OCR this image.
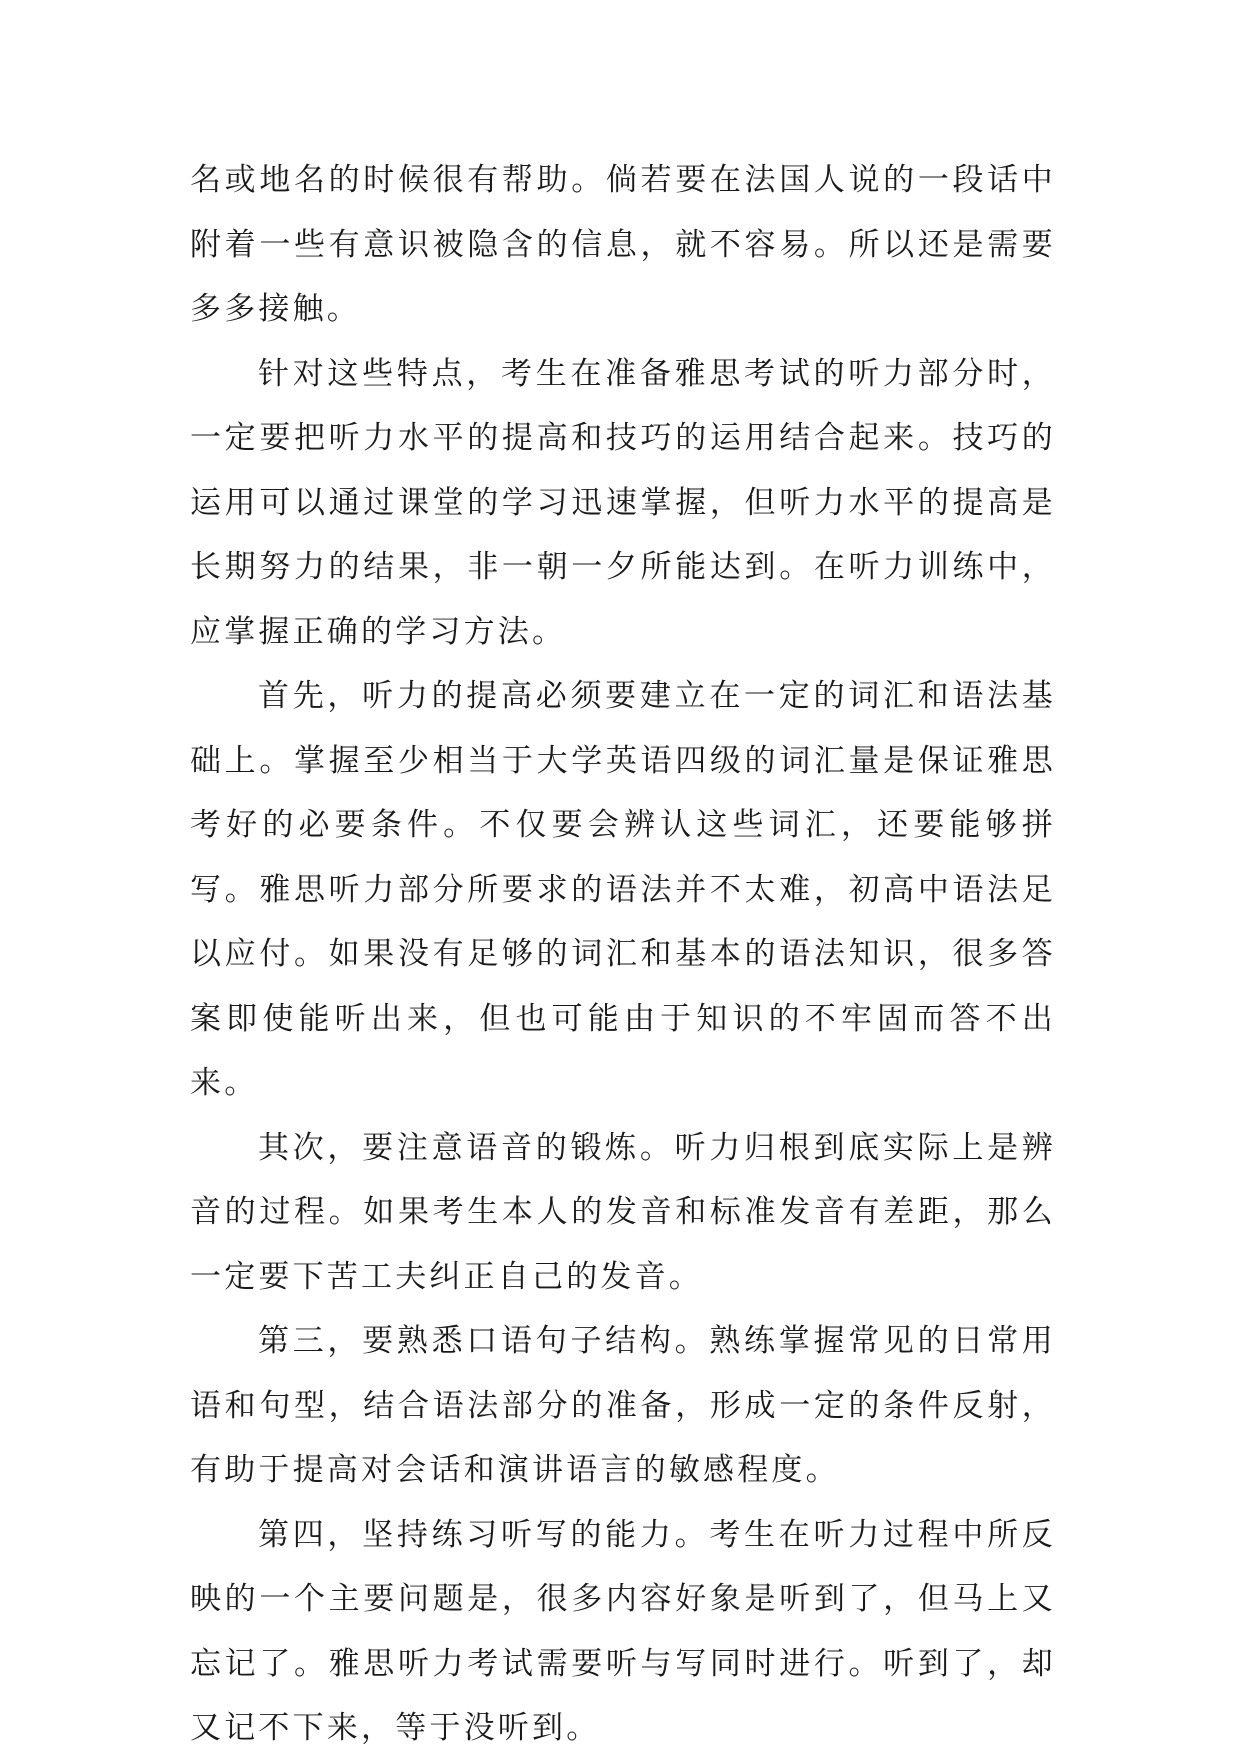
名或地名的时候很有帮助。倘若要在法国人说的一段话中附着一些有意识被隐含的信息，就不容易。所以还是需要多多接触。

针对这些特点，考生在准备雅思考试的听力部分时，一定要把听力水平的提高和技巧的运用结合起来。技巧的运用可以通过课堂的学习迅速掌握，但听力水平的提高是长期努力的结果，非一朝一夕所能达到。在听力训练中，应掌握正确的学习方法。

首先，听力的提高必须要建立在一定的词汇和语法基础上。掌握至少相当于大学英语四级的词汇量是保证雅思考好的必要条件。不仅要会辨认这些词汇，还要能够拼写。雅思听力部分所要求的语法并不太难，初高中语法足以应付。如果没有足够的词汇和基本的语法知识，很多答案即使能听出来，但也可能由于知识的不牢固而答不出来。

其次，要注意语音的锻炼。听力归根到底实际上是辨音的过程。如果考生本人的发音和标准发音有差距，那么一定要下苦工夫纠正自己的发音。

第三，要熟悉口语句子结构。熟练掌握常见的日常用语和句型，结合语法部分的准备，形成一定的条件反射，有助于提高对会话和演讲语言的敏感程度。

第四，坚持练习听写的能力。考生在听力过程中所反映的一个主要问题是，很多内容好象是听到了，但马上又忘记了。雅思听力考试需要听与写同时进行。听到了，却又记不下来，等于没听到。
